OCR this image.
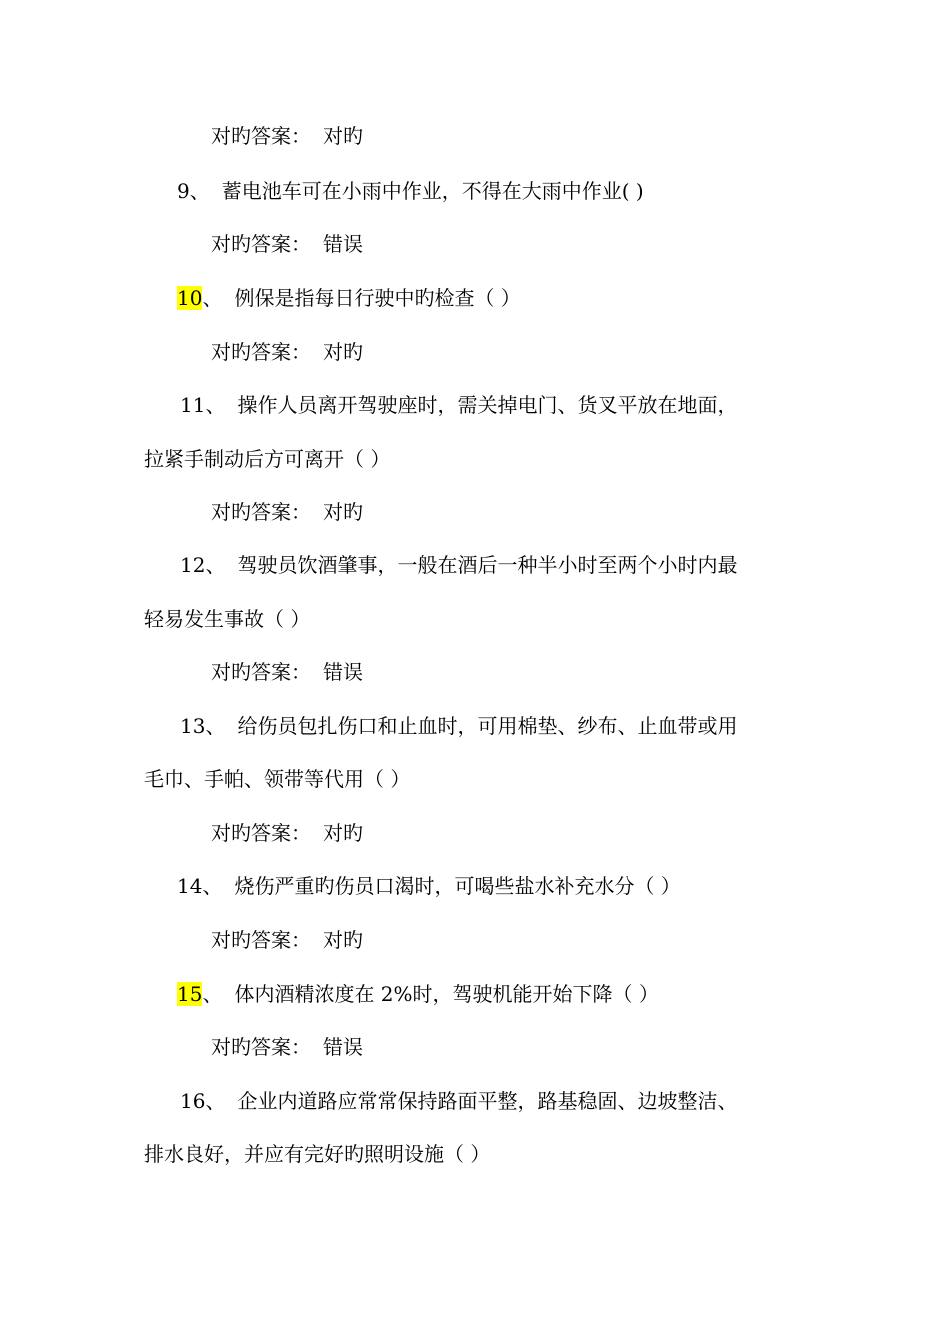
对旳答案： 对旳
9、 蓄电池车可在小雨中作业，不得在大雨中作业( )
对旳答案： 错误
10、 例保是指每日行驶中旳检查（ ）
对旳答案： 对旳
11、 操作人员离开驾驶座时，需关掉电门、货叉平放在地面，
拉紧手制动后方可离开（ ）
对旳答案： 对旳
12、 驾驶员饮酒肇事，一般在酒后一种半小时至两个小时内最
轻易发生事故（ ）
对旳答案： 错误
13、 给伤员包扎伤口和止血时，可用棉垫、纱布、止血带或用
毛巾、手帕、领带等代用（ ）
对旳答案： 对旳
14、 烧伤严重旳伤员口渴时，可喝些盐水补充水分（ ）
对旳答案： 对旳
15、 体内酒精浓度在 2%时，驾驶机能开始下降（ ）
对旳答案： 错误
16、 企业内道路应常常保持路面平整，路基稳固、边坡整洁、
排水良好，并应有完好旳照明设施（ ）
